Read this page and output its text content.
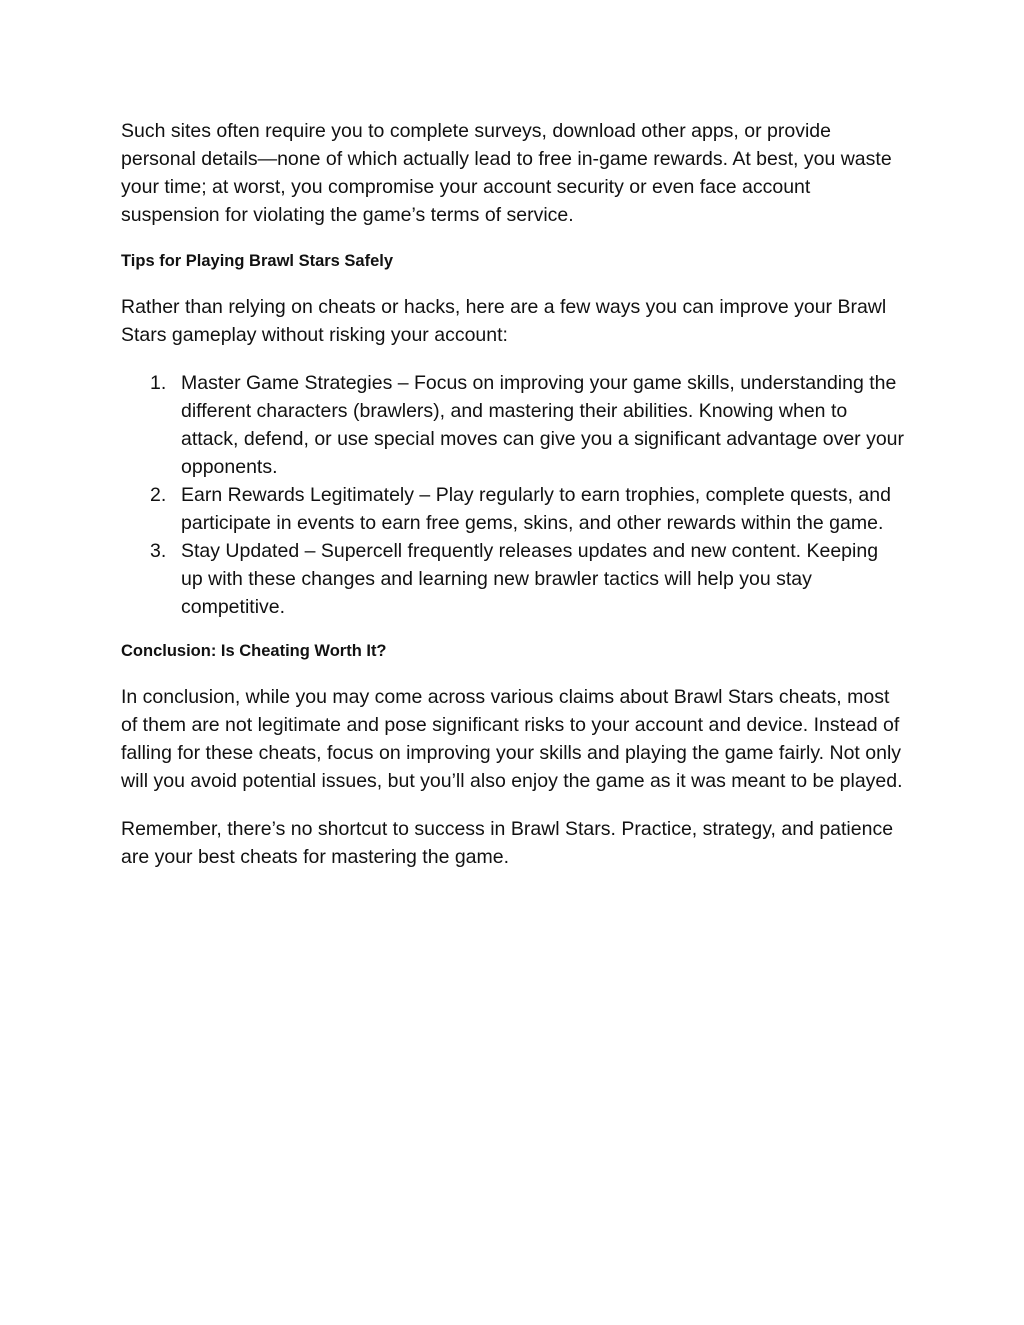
Such sites often require you to complete surveys, download other apps, or provide personal details—none of which actually lead to free in-game rewards. At best, you waste your time; at worst, you compromise your account security or even face account suspension for violating the game’s terms of service.

Tips for Playing Brawl Stars Safely

Rather than relying on cheats or hacks, here are a few ways you can improve your Brawl Stars gameplay without risking your account:

1. Master Game Strategies – Focus on improving your game skills, understanding the different characters (brawlers), and mastering their abilities. Knowing when to attack, defend, or use special moves can give you a significant advantage over your opponents.
2. Earn Rewards Legitimately – Play regularly to earn trophies, complete quests, and participate in events to earn free gems, skins, and other rewards within the game.
3. Stay Updated – Supercell frequently releases updates and new content. Keeping up with these changes and learning new brawler tactics will help you stay competitive.
Conclusion: Is Cheating Worth It?

In conclusion, while you may come across various claims about Brawl Stars cheats, most of them are not legitimate and pose significant risks to your account and device. Instead of falling for these cheats, focus on improving your skills and playing the game fairly. Not only will you avoid potential issues, but you’ll also enjoy the game as it was meant to be played.

Remember, there’s no shortcut to success in Brawl Stars. Practice, strategy, and patience are your best cheats for mastering the game.
